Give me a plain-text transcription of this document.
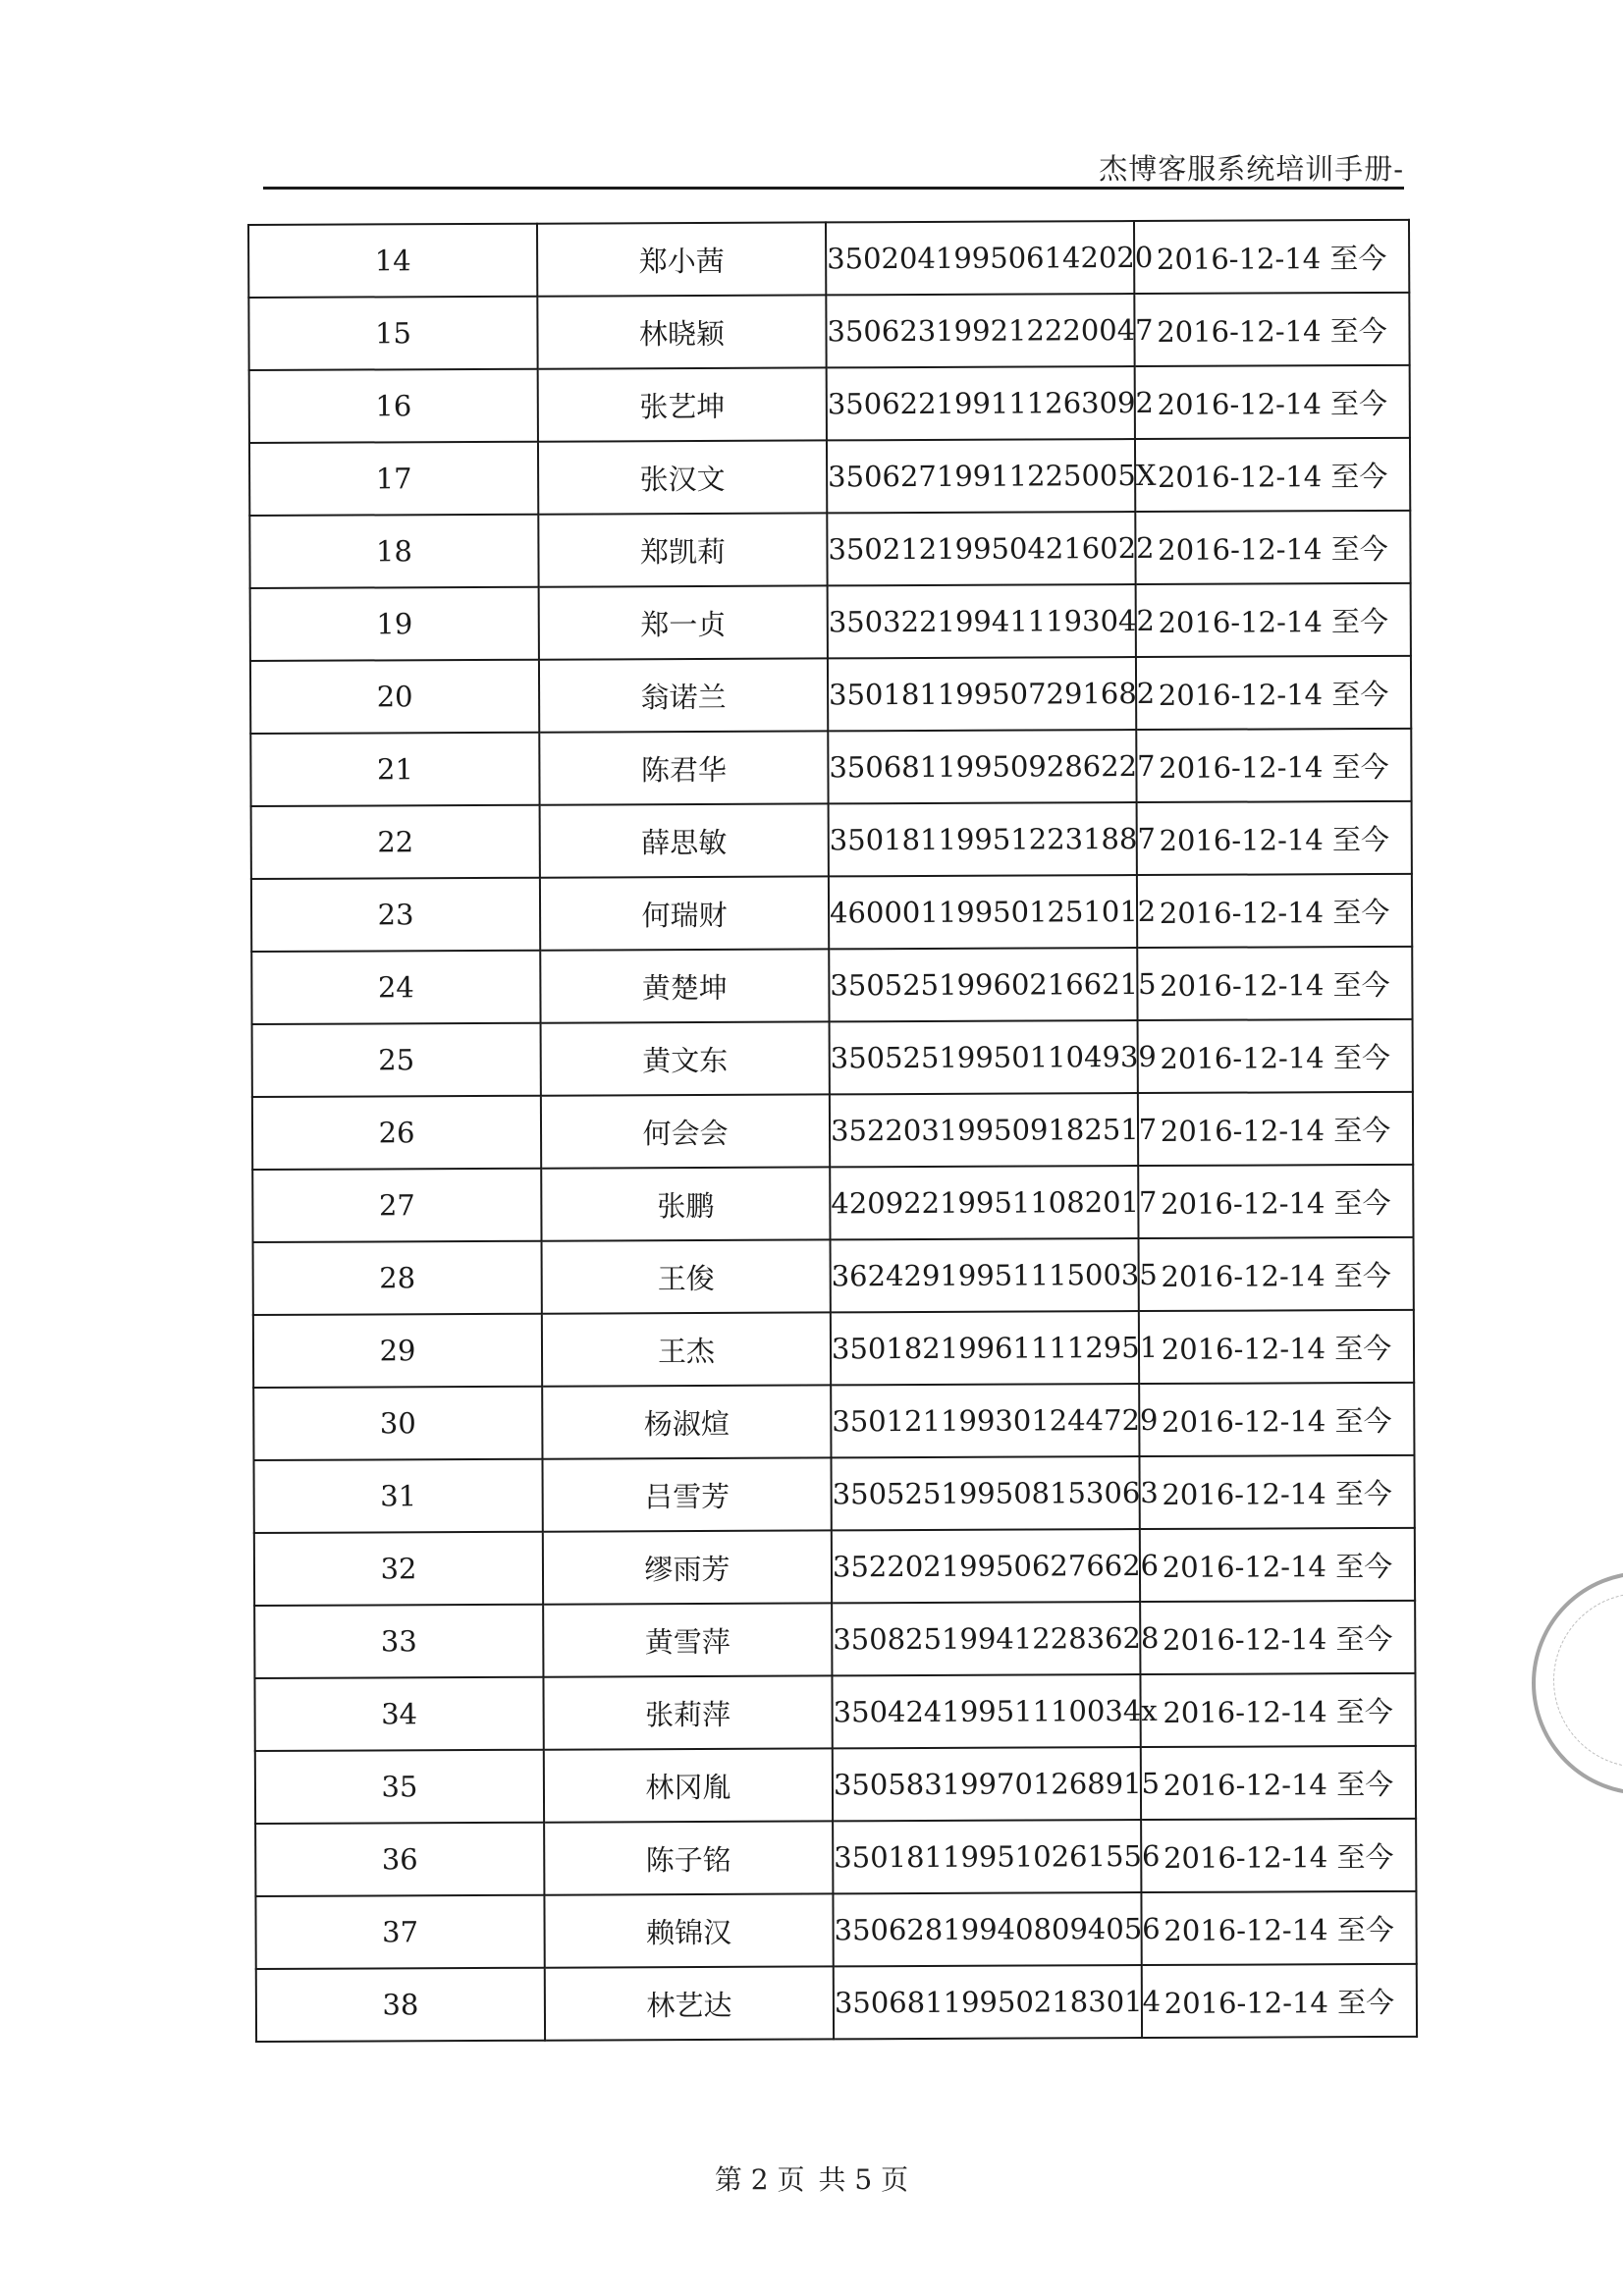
杰博客服系统培训手册-
14	郑小茜	350204199506142020	2016-12-14 至今
15	林晓颖	350623199212220047	2016-12-14 至今
16	张艺坤	350622199111263092	2016-12-14 至今
17	张汉文	35062719911225005X	2016-12-14 至今
18	郑凯莉	350212199504216022	2016-12-14 至今
19	郑一贞	350322199411193042	2016-12-14 至今
20	翁诺兰	350181199507291682	2016-12-14 至今
21	陈君华	350681199509286227	2016-12-14 至今
22	薛思敏	350181199512231887	2016-12-14 至今
23	何瑞财	460001199501251012	2016-12-14 至今
24	黄楚坤	350525199602166215	2016-12-14 至今
25	黄文东	350525199501104939	2016-12-14 至今
26	何会会	352203199509182517	2016-12-14 至今
27	张鹏	420922199511082017	2016-12-14 至今
28	王俊	362429199511150035	2016-12-14 至今
29	王杰	350182199611112951	2016-12-14 至今
30	杨淑煊	350121199301244729	2016-12-14 至今
31	吕雪芳	350525199508153063	2016-12-14 至今
32	缪雨芳	352202199506276626	2016-12-14 至今
33	黄雪萍	350825199412283628	2016-12-14 至今
34	张莉萍	35042419951110034x	2016-12-14 至今
35	林冈胤	350583199701268915	2016-12-14 至今
36	陈子铭	350181199510261556	2016-12-14 至今
37	赖锦汉	350628199408094056	2016-12-14 至今
38	林艺达	350681199502183014	2016-12-14 至今
第 2 页 共 5 页
